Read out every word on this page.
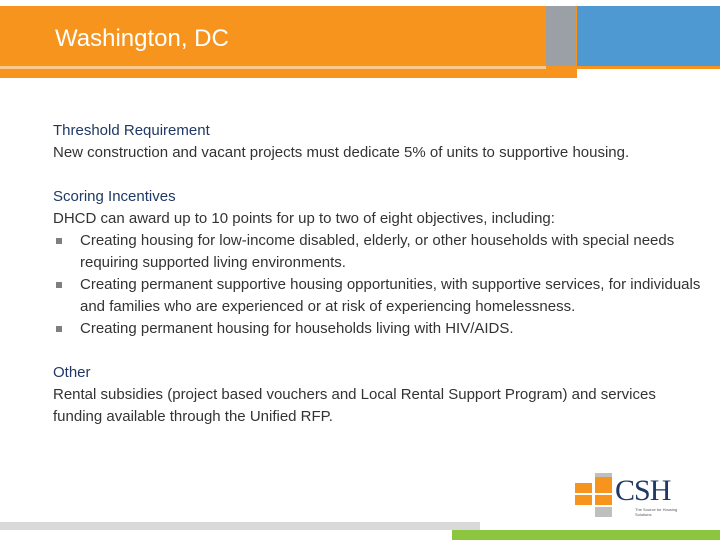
Washington, DC

Threshold Requirement

New construction and vacant projects must dedicate 5% of units to supportive housing.

Scoring Incentives

DHCD can award up to 10 points for up to two of eight objectives, including:

Creating housing for low-income disabled, elderly, or other households with special needs requiring supported living environments.
Creating permanent supportive housing opportunities, with supportive services, for individuals and families who are experienced or at risk of experiencing homelessness.
Creating permanent housing for households living with HIV/AIDS.

Other

Rental subsidies (project based vouchers and Local Rental Support Program) and services funding available through the Unified RFP.

CSH
The Source for Housing Solutions
